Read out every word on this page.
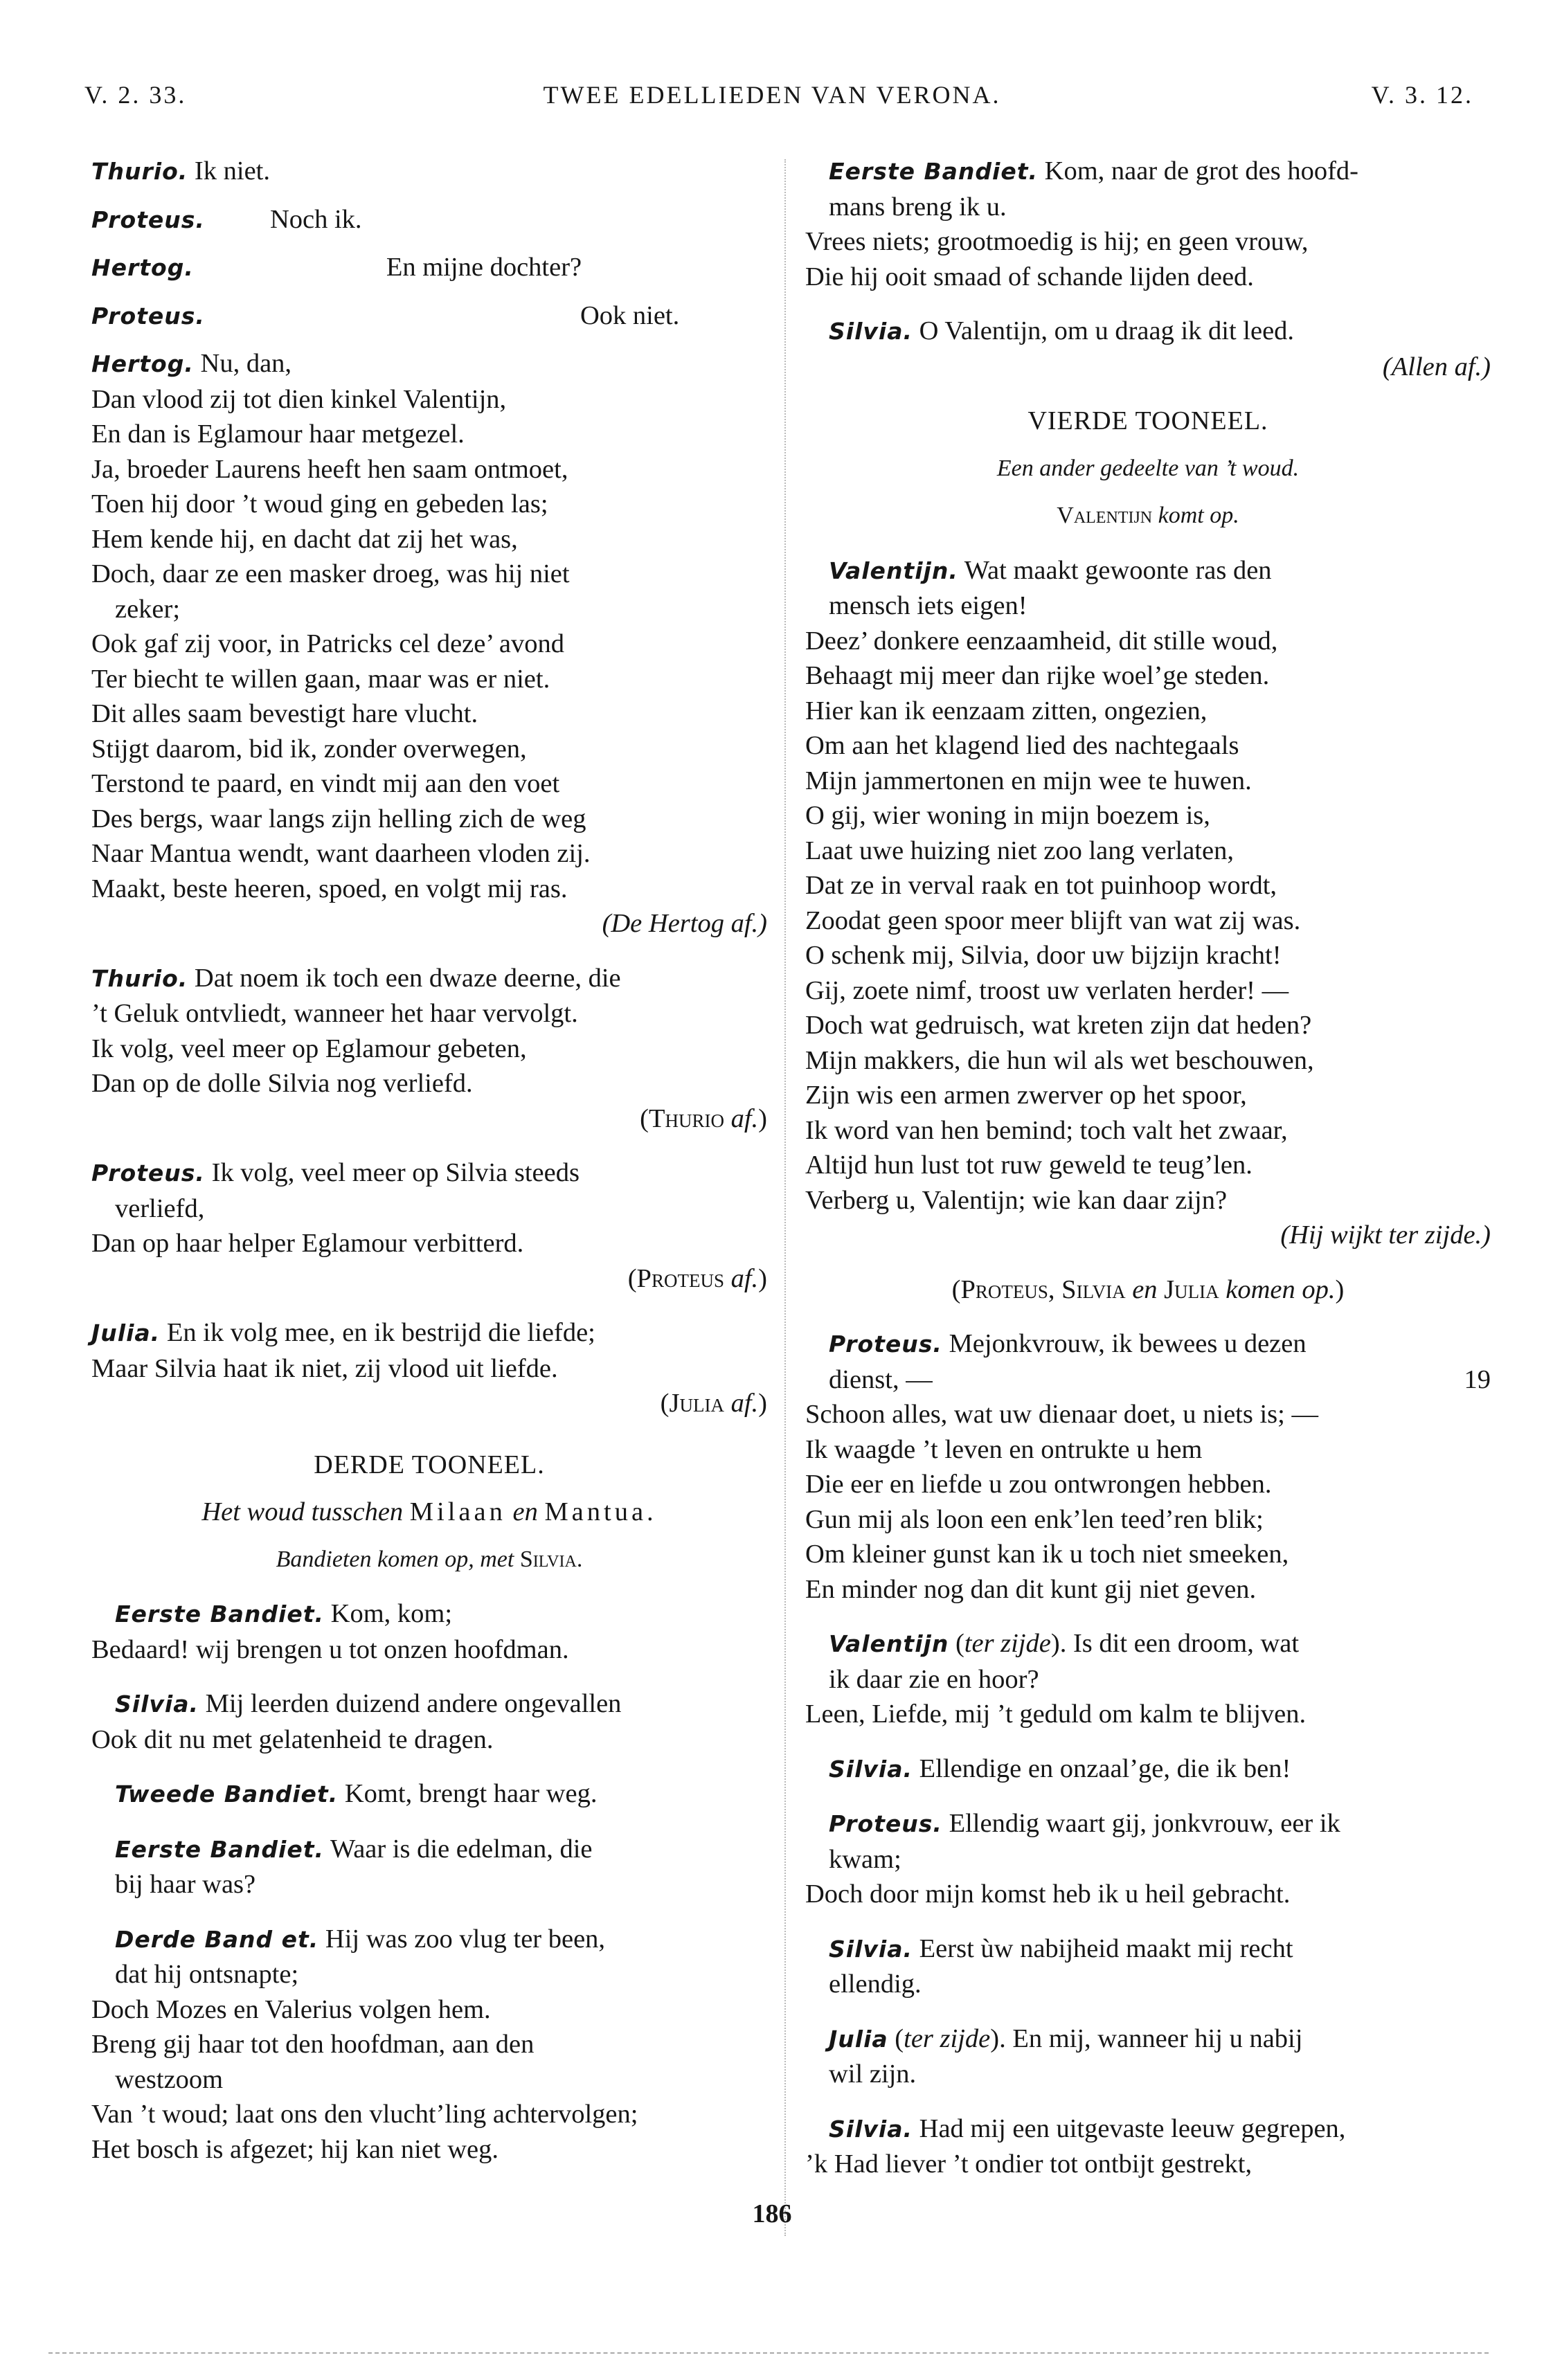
V. 2. 33.	TWEE EDELLIEDEN VAN VERONA.	V. 3. 12.
Thurio. Ik niet.
Proteus. Noch ik.
Hertog.	En mijne dochter?
Proteus.	Ook niet.
Hertog. Nu, dan,
Dan vlood zij tot dien kinkel Valentijn,
En dan is Eglamour haar metgezel.
Ja, broeder Laurens heeft hen saam ontmoet,
Toen hij door ’t woud ging en gebeden las;
Hem kende hij, en dacht dat zij het was,
Doch, daar ze een masker droeg, was hij niet
zeker;
Ook gaf zij voor, in Patricks cel deze’ avond
Ter biecht te willen gaan, maar was er niet.
Dit alles saam bevestigt hare vlucht.
Stijgt daarom, bid ik, zonder overwegen,
Terstond te paard, en vindt mij aan den voet
Des bergs, waar langs zijn helling zich de weg
Naar Mantua wendt, want daarheen vloden zij.
Maakt, beste heeren, spoed, en volgt mij ras.
(De Hertog af.)
Thurio. Dat noem ik toch een dwaze deerne, die
’t Geluk ontvliedt, wanneer het haar vervolgt.
Ik volg, veel meer op Eglamour gebeten,
Dan op de dolle Silvia nog verliefd.
(Thurio af.)
Proteus. Ik volg, veel meer op Silvia steeds
verliefd,
Dan op haar helper Eglamour verbitterd.
(Proteus af.)
Julia. En ik volg mee, en ik bestrijd die liefde;
Maar Silvia haat ik niet, zij vlood uit liefde.
(Julia af.)
DERDE TOONEEL.
Het woud tusschen Milaan en Mantua.
Bandieten komen op, met Silvia.
Eerste Bandiet. Kom, kom;
Bedaard! wij brengen u tot onzen hoofdman.
Silvia. Mij leerden duizend andere ongevallen
Ook dit nu met gelatenheid te dragen.
Tweede Bandiet. Komt, brengt haar weg.
Eerste Bandiet. Waar is die edelman, die
bij haar was?
Derde Band et. Hij was zoo vlug ter been,
dat hij ontsnapte;
Doch Mozes en Valerius volgen hem.
Breng gij haar tot den hoofdman, aan den
westzoom
Van ’t woud; laat ons den vlucht’ling achtervolgen;
Het bosch is afgezet; hij kan niet weg.
Eerste Bandiet. Kom, naar de grot des hoofd-
mans breng ik u.
Vrees niets; grootmoedig is hij; en geen vrouw,
Die hij ooit smaad of schande lijden deed.
Silvia. O Valentijn, om u draag ik dit leed.
(Allen af.)
VIERDE TOONEEL.
Een ander gedeelte van ’t woud.
Valentijn komt op.
Valentijn. Wat maakt gewoonte ras den
mensch iets eigen!
Deez’ donkere eenzaamheid, dit stille woud,
Behaagt mij meer dan rijke woel’ge steden.
Hier kan ik eenzaam zitten, ongezien,
Om aan het klagend lied des nachtegaals
Mijn jammertonen en mijn wee te huwen.
O gij, wier woning in mijn boezem is,
Laat uwe huizing niet zoo lang verlaten,
Dat ze in verval raak en tot puinhoop wordt,
Zoodat geen spoor meer blijft van wat zij was.
O schenk mij, Silvia, door uw bijzijn kracht!
Gij, zoete nimf, troost uw verlaten herder! —
Doch wat gedruisch, wat kreten zijn dat heden?
Mijn makkers, die hun wil als wet beschouwen,
Zijn wis een armen zwerver op het spoor,
Ik word van hen bemind; toch valt het zwaar,
Altijd hun lust tot ruw geweld te teug’len.
Verberg u, Valentijn; wie kan daar zijn?
(Hij wijkt ter zijde.)
(Proteus, Silvia en Julia komen op.)
Proteus. Mejonkvrouw, ik bewees u dezen
dienst, —	19
Schoon alles, wat uw dienaar doet, u niets is; —
Ik waagde ’t leven en ontrukte u hem
Die eer en liefde u zou ontwrongen hebben.
Gun mij als loon een enk’len teed’ren blik;
Om kleiner gunst kan ik u toch niet smeeken,
En minder nog dan dit kunt gij niet geven.
Valentijn (ter zijde). Is dit een droom, wat
ik daar zie en hoor?
Leen, Liefde, mij ’t geduld om kalm te blijven.
Silvia. Ellendige en onzaal’ge, die ik ben!
Proteus. Ellendig waart gij, jonkvrouw, eer ik
kwam;
Doch door mijn komst heb ik u heil gebracht.
Silvia. Eerst ùw nabijheid maakt mij recht
ellendig.
Julia (ter zijde). En mij, wanneer hij u nabij
wil zijn.
Silvia. Had mij een uitgevaste leeuw gegrepen,
’k Had liever ’t ondier tot ontbijt gestrekt,
186
